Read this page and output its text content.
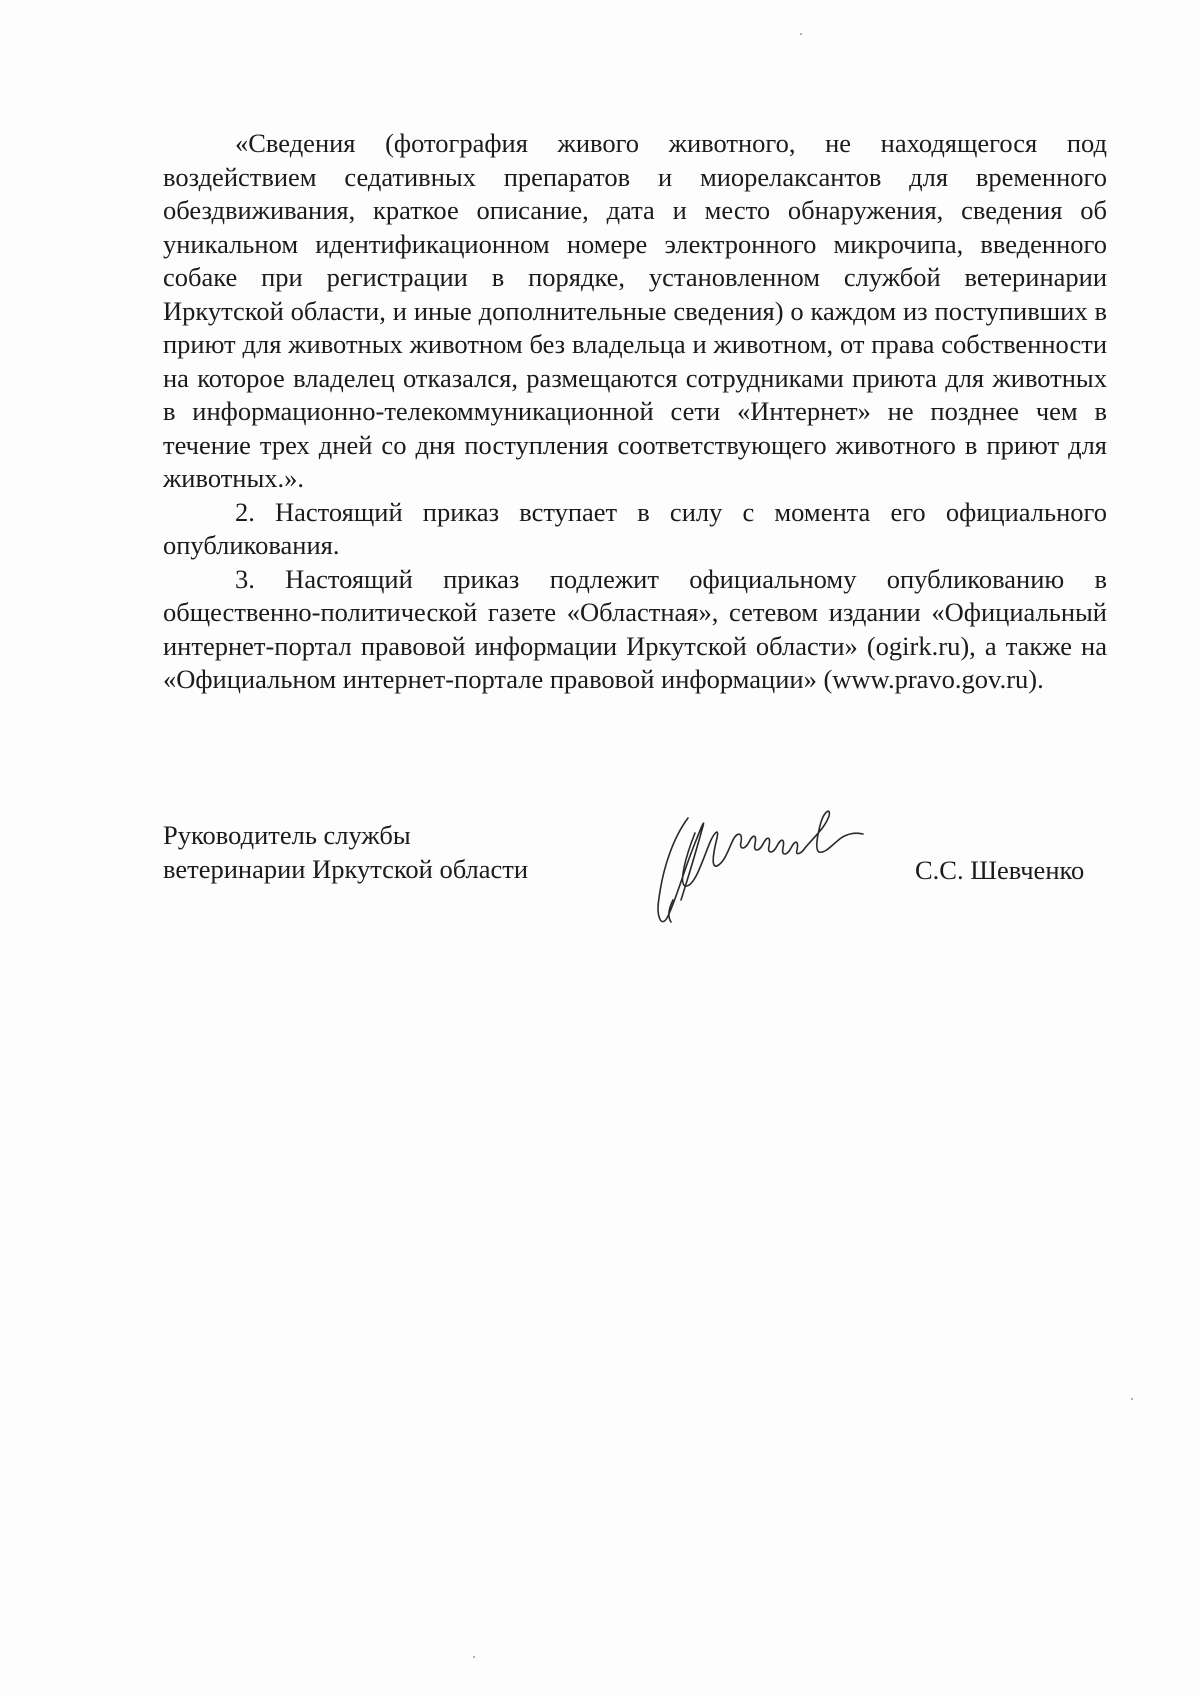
«Сведения (фотография живого животного, не находящегося под воздействием седативных препаратов и миорелаксантов для временного обездвиживания, краткое описание, дата и место обнаружения, сведения об уникальном идентификационном номере электронного микрочипа, введенного собаке при регистрации в порядке, установленном службой ветеринарии Иркутской области, и иные дополнительные сведения) о каждом из поступивших в приют для животных животном без владельца и животном, от права собственности на которое владелец отказался, размещаются сотрудниками приюта для животных в информационно-телекоммуникационной сети «Интернет» не позднее чем в течение трех дней со дня поступления соответствующего животного в приют для животных.».

2. Настоящий приказ вступает в силу с момента его официального опубликования.

3. Настоящий приказ подлежит официальному опубликованию в общественно-политической газете «Областная», сетевом издании «Официальный интернет-портал правовой информации Иркутской области» (ogirk.ru), а также на «Официальном интернет-портале правовой информации» (www.pravo.gov.ru).

Руководитель службы
ветеринарии Иркутской области	С.С. Шевченко
